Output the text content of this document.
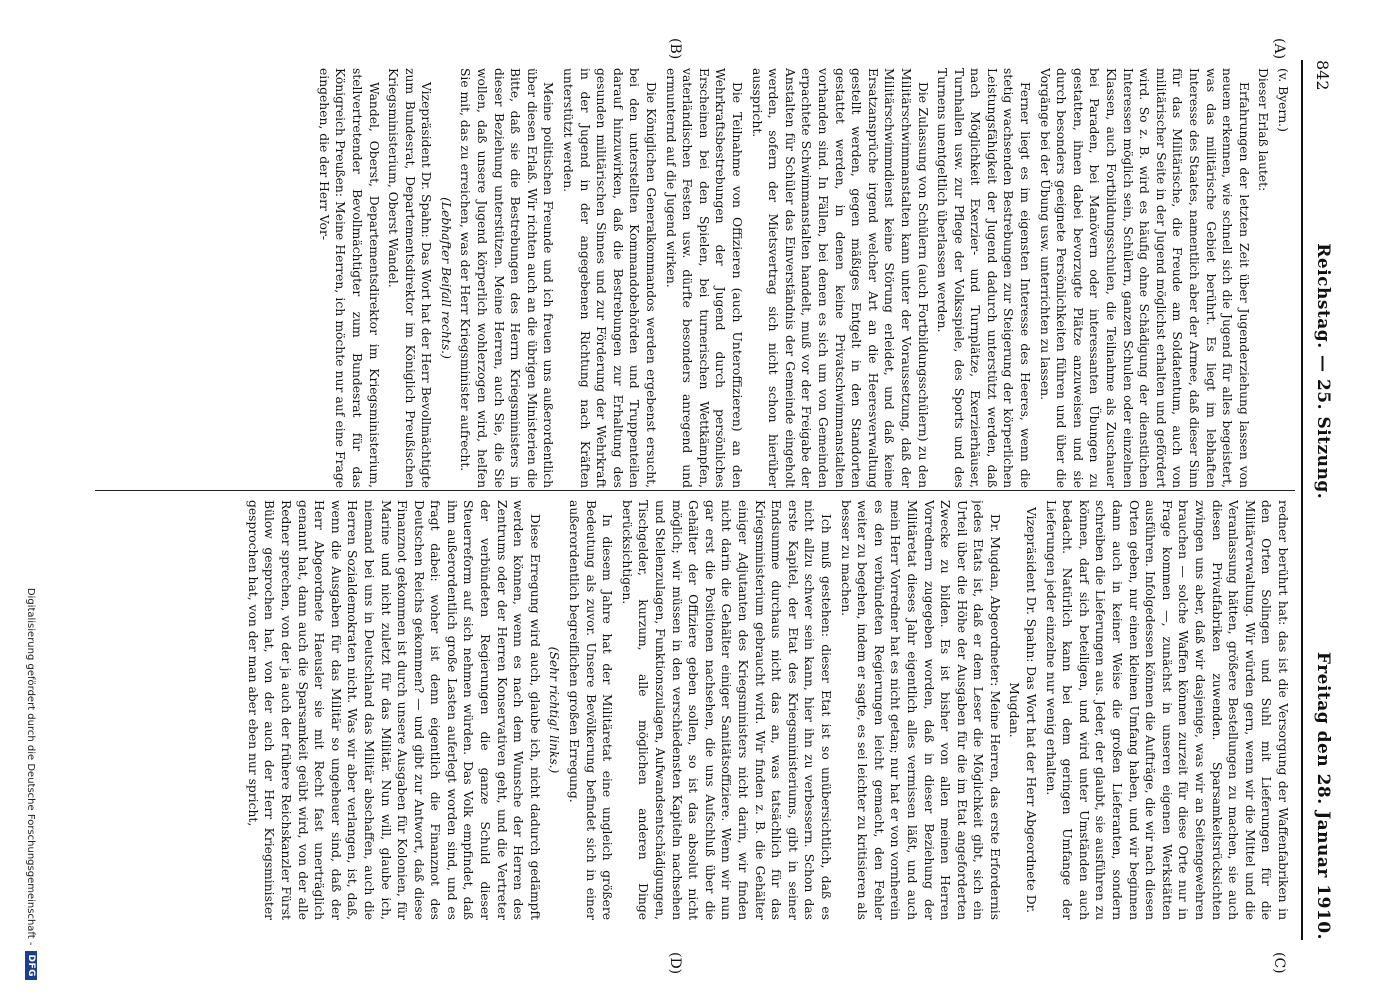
842
Reichstag. — 25. Sitzung.
Freitag den 28. Januar 1910.
(A)
(B)
(C)
(D)

(v. Byern.)

Dieser Erlaß lautet:

Erfahrungen der letzten Zeit über Jugenderziehung lassen von neuem erkennen, wie schnell sich die Jugend für alles begeistert, was das militärische Gebiet berührt. Es liegt im lebhaften Interesse des Staates, namentlich aber der Armee, daß dieser Sinn für das Militärische, die Freude am Soldatentum, auch von militärischer Seite in der Jugend möglichst erhalten und gefördert wird. So z. B. wird es häufig ohne Schädigung der dienstlichen Interessen möglich sein, Schülern, ganzen Schulen oder einzelnen Klassen, auch Fortbildungsschulen, die Teilnahme als Zuschauer bei Paraden, bei Manövern oder interessanten Übungen zu gestatten, ihnen dabei bevorzugte Plätze anzuweisen und sie durch besonders geeignete Persönlichkeiten führen und über die Vorgänge bei der Übung usw. unterrichten zu lassen.

Ferner liegt es im eigensten Interesse des Heeres, wenn die stetig wachsenden Bestrebungen zur Steigerung der körperlichen Leistungsfähigkeit der Jugend dadurch unterstützt werden, daß nach Möglichkeit Exerzier- und Turnplätze, Exerzierhäuser, Turnhallen usw. zur Pflege der Volksspiele, des Sports und des Turnens unentgeltlich überlassen werden.

Die Zulassung von Schülern (auch Fortbildungsschülern) zu den Militärschwimmanstalten kann unter der Voraussetzung, daß der Militärschwimmdienst keine Störung erleidet, und daß keine Ersatzansprüche irgend welcher Art an die Heeresverwaltung gestellt werden, gegen mäßiges Entgelt in den Standorten gestattet werden, in denen keine Privatschwimmanstalten vorhanden sind. In Fällen, bei denen es sich um von Gemeinden erpachtete Schwimmanstalten handelt, muß vor der Freigabe der Anstalten für Schüler das Einverständnis der Gemeinde eingeholt werden, sofern der Mietsvertrag sich nicht schon hierüber ausspricht.

Die Teilnahme von Offizieren (auch Unteroffizieren) an den Wehrkraftsbestrebungen der Jugend durch persönliches Erscheinen bei den Spielen, bei turnerischen Wettkämpfen, vaterländischen Festen usw. dürfte besonders anregend und ermunternd auf die Jugend wirken.

Die Königlichen Generalkommandos werden ergebenst ersucht, bei den unterstellten Kommandobehörden und Truppenteilen darauf hinzuwirken, daß die Bestrebungen zur Erhaltung des gesunden militärischen Sinnes und zur Förderung der Wehrkraft in der Jugend in der angegebenen Richtung nach Kräften unterstützt werden.

Meine politischen Freunde und ich freuen uns außerordentlich über diesen Erlaß. Wir richten auch an die übrigen Ministerien die Bitte, daß sie die Bestrebungen des Herrn Kriegsministers in dieser Beziehung unterstützen. Meine Herren, auch Sie, die Sie wollen, daß unsere Jugend körperlich wohlerzogen wird, helfen Sie mit, das zu erreichen, was der Herr Kriegsminister aufrecht.

(Lebhafter Beifall rechts.)

Vizepräsident Dr. Spahn: Das Wort hat der Herr Bevollmächtigte zum Bundesrat, Departementsdirektor im Königlich Preußischen Kriegsministerium, Oberst Wandel.

Wandel, Oberst, Departementsdirektor im Kriegsministerium, stellvertretender Bevollmächtigter zum Bundesrat für das Königreich Preußen: Meine Herren, ich möchte nur auf eine Frage eingehen, die der Herr Vor-

redner berührt hat: das ist die Versorgung der Waffenfabriken in den Orten Solingen und Suhl mit Lieferungen für die Militärverwaltung. Wir würden gern, wenn wir die Mittel und die Veranlassung hätten, größere Bestellungen zu machen, sie auch diesen Privatfabriken zuwenden. Sparsamkeitsrücksichten zwingen uns aber, daß wir dasjenige, was wir an Seitengewehren brauchen — solche Waffen können zurzeit für diese Orte nur in Frage kommen —, zunächst in unseren eigenen Werkstätten ausführen. Infolgedessen können die Aufträge, die wir nach diesen Orten geben, nur einen kleinen Umfang haben, und wir beginnen dann auch in keiner Weise die großen Lieferanten, sondern schreiben die Lieferungen aus. Jeder, der glaubt, sie ausführen zu können, darf sich beteiligen, und wird unter Umständen auch bedacht. Natürlich kann bei dem geringen Umfange der Lieferungen jeder einzelne nur wenig erhalten.

Vizepräsident Dr. Spahn: Das Wort hat der Herr Abgeordnete Dr. Mugdan.

Dr. Mugdan, Abgeordneter: Meine Herren, das erste Erfordernis jedes Etats ist, daß er dem Leser die Möglichkeit gibt, sich ein Urteil über die Höhe der Ausgaben für die im Etat angeforderten Zwecke zu bilden. Es ist bisher von allen meinen Herren Vorrednern zugegeben worden, daß in dieser Beziehung der Militäretat dieses Jahr eigentlich alles vermissen läßt, und auch mein Herr Vorredner hat es nicht getan; nur hat er von vornherein es den verbündeten Regierungen leicht gemacht, den Fehler weiter zu begehen, indem er sagte, es sei leichter zu kritisieren als besser zu machen.

Ich muß gestehen: dieser Etat ist so unübersichtlich, daß es nicht allzu schwer sein kann, hier ihn zu verbessern. Schon das erste Kapitel, der Etat des Kriegsministeriums, gibt in seiner Endsumme durchaus nicht das an, was tatsächlich für das Kriegsministerium gebraucht wird. Wir finden z. B. die Gehälter einiger Adjutanten des Kriegsministers nicht darin, wir finden nicht darin die Gehälter einiger Sanitätsoffiziere. Wenn wir nun gar erst die Positionen nachsehen, die uns Aufschluß über die Gehälter der Offiziere geben sollen, so ist das absolut nicht möglich; wir müssen in den verschiedensten Kapiteln nachsehen und Stellenzulagen, Funktionszulagen, Aufwandsentschädigungen, Tischgelder, kurzum, alle möglichen anderen Dinge berücksichtigen.

In diesem Jahre hat der Militäretat eine ungleich größere Bedeutung als zuvor. Unsere Bevölkerung befindet sich in einer außerordentlich begreiflichen großen Erregung.

(Sehr richtig! links.)

Diese Erregung wird auch, glaube ich, nicht dadurch gedämpft werden können, wenn es nach dem Wunsche der Herren des Zentrums oder der Herren Konservativen geht, und die Vertreter der verbündeten Regierungen die ganze Schuld dieser Steuerreform auf sich nehmen würden. Das Volk empfindet, daß ihm außerordentlich große Lasten auferlegt worden sind, und es fragt dabei: woher ist denn eigentlich die Finanznot des Deutschen Reichs gekommen? — und gibt zur Antwort, daß diese Finanznot gekommen ist durch unsere Ausgaben für Kolonien, für Marine und nicht zuletzt für das Militär. Nun will, glaube ich, niemand bei uns in Deutschland das Militär abschaffen, auch die Herren Sozialdemokraten nicht. Was wir aber verlangen, ist, daß, wenn die Ausgaben für das Militär so ungeheuer sind, daß der Herr Abgeordnete Haeusler sie mit Recht fast unerträglich genannt hat, dann auch die Sparsamkeit geübt wird, von der alle Redner sprechen, von der ja auch der frühere Reichskanzler Fürst Bülow gesprochen hat, von der auch der Herr Kriegsminister gesprochen hat, von der man aber eben nur spricht,

Digitalisierung gefördert durch die Deutsche Forschungsgemeinschaft -
DFG
